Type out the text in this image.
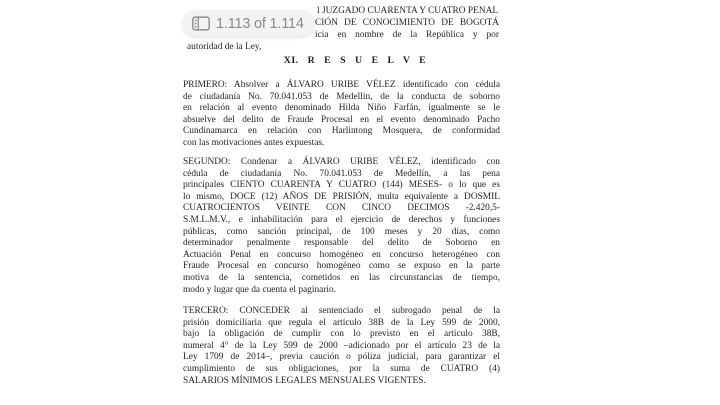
l JUZGADO CUARENTA Y CUATRO PENAL
CIÓN DE CONOCIMIENTO DE BOGOTÁ
icia en nombre de la República y por
autoridad de la Ley,
XI. R E S U E L V E
PRIMERO: Absolver a ÁLVARO URIBE VÉLEZ identificado con cédula
de ciudadanía No. 70.041.053 de Medellín, de la conducta de soborno
en relación al evento denominado Hilda Niño Farfán, igualmente se le
absuelve del delito de Fraude Procesal en el evento denominado Pacho
Cundinamarca en relación con Harlintong Mosquera, de conformidad
con las motivaciones antes expuestas.
SEGUNDO: Condenar a ÁLVARO URIBE VÉLEZ, identificado con
cédula de ciudadanía No. 70.041.053 de Medellín, a las pena
principales CIENTO CUARENTA Y CUATRO (144) MESES- o lo que es
lo mismo, DOCE (12) AÑOS DE PRISIÓN, multa equivalente a DOSMIL
CUATROCIENTOS VEINTE CON CINCO DECIMOS -2.420,5-
S.M.L.M.V., e inhabilitación para el ejercicio de derechos y funciones
públicas, como sanción principal, de 100 meses y 20 días, como
determinador penalmente responsable del delito de Soborno en
Actuación Penal en concurso homogéneo en concurso heterogéneo con
Fraude Procesal en concurso homogéneo como se expuso en la parte
motiva de la sentencia, cometidos en las circunstancias de tiempo,
modo y lugar que da cuenta el paginario.
TERCERO: CONCEDER al sentenciado el subrogado penal de la
prisión domiciliaria que regula el artículo 38B de la Ley 599 de 2000,
bajo la obligación de cumplir con lo previsto en el artículo 38B,
numeral 4° de la Ley 599 de 2000 –adicionado por el artículo 23 de la
Ley 1709 de 2014–, previa caución o póliza judicial, para garantizar el
cumplimiento de sus obligaciones, por la suma de CUATRO (4)
SALARIOS MÍNIMOS LEGALES MENSUALES VIGENTES.
1.113 of 1.114
